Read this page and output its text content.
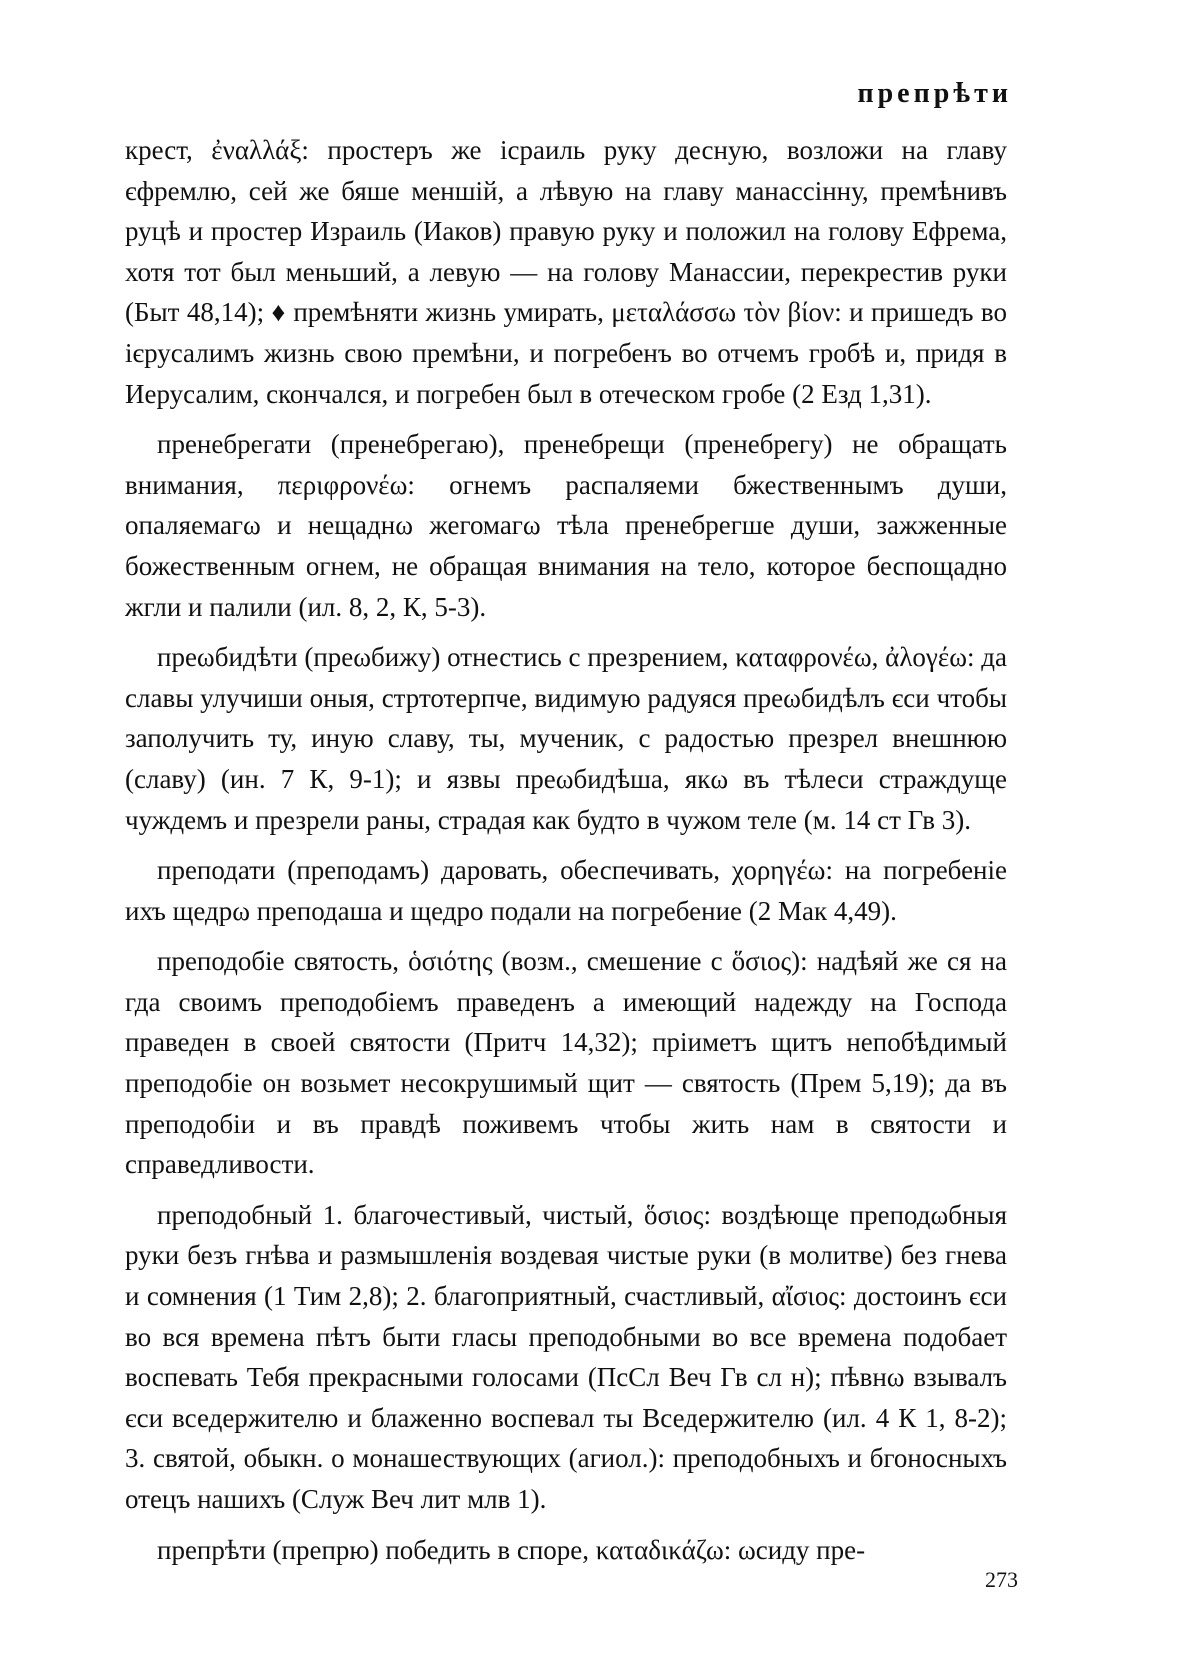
препрѣти

крест, ἐναλλάξ: простеръ же ісраиль руку десную, возложи на главу єфремлю, сей же бяше меншій, а лѣвую на главу манассінну, премѣнивъ руцѣ и простер Израиль (Иаков) правую руку и положил на голову Ефрема, хотя тот был меньший, а левую — на голову Манассии, перекрестив руки (Быт 48,14); ♦ премѣняти жизнь умирать, μεταλάσσω τὸν βίον: и пришедъ во ієрусалимъ жизнь свою премѣни, и погребенъ во отчемъ гробѣ и, придя в Иерусалим, скончался, и погребен был в отеческом гробе (2 Езд 1,31).

пренебрегати (пренебрегаю), пренебрещи (пренебрегу) не обращать внимания, περιφρονέω: огнемъ распаляеми бжественнымъ души, опаляемагω и нещаднω жегомагω тѣла пренебрегше души, зажженные божественным огнем, не обращая внимания на тело, которое беспощадно жгли и палили (ил. 8, 2, К, 5-3).

преωбидѣти (преωбижу) отнестись с презрением, καταφρονέω, ἀλογέω: да славы улучиши оныя, стртотерпче, видимую радуяся преωбидѣлъ єси чтобы заполучить ту, иную славу, ты, мученик, с радостью презрел внешнюю (славу) (ин. 7 К, 9-1); и язвы преωбидѣша, якω въ тѣлеси страждуще чуждемъ и презрели раны, страдая как будто в чужом теле (м. 14 ст Гв 3).

преподати (преподамъ) даровать, обеспечивать, χορηγέω: на погребеніе ихъ щедрω преподаша и щедро подали на погребение (2 Мак 4,49).

преподобіе святость, ὁσιότης (возм., смешение с ὅσιος): надѣяй же ся на гда своимъ преподобіемъ праведенъ а имеющий надежду на Господа праведен в своей святости (Притч 14,32); пріиметъ щитъ непобѣдимый преподобіе он возьмет несокрушимый щит — святость (Прем 5,19); да въ преподобіи и въ правдѣ поживемъ чтобы жить нам в святости и справедливости.

преподобный 1. благочестивый, чистый, ὅσιος: воздѣюще преподωбныя руки безъ гнѣва и размышленія воздевая чистые руки (в молитве) без гнева и сомнения (1 Тим 2,8); 2. благоприятный, счастливый, αἴσιος: достоинъ єси во вся времена пѣтъ быти гласы преподобными во все времена подобает воспевать Тебя прекрасными голосами (ПсСл Веч Гв сл н); пѣвнω взывалъ єси вседержителю и блаженно воспевал ты Вседержителю (ил. 4 К 1, 8-2); 3. святой, обыкн. о монашествующих (агиол.): преподобныхъ и бгоносныхъ отецъ нашихъ (Служ Веч лит млв 1).

препрѣти (препрю) победить в споре, καταδικάζω: ωсиду пре-

273
